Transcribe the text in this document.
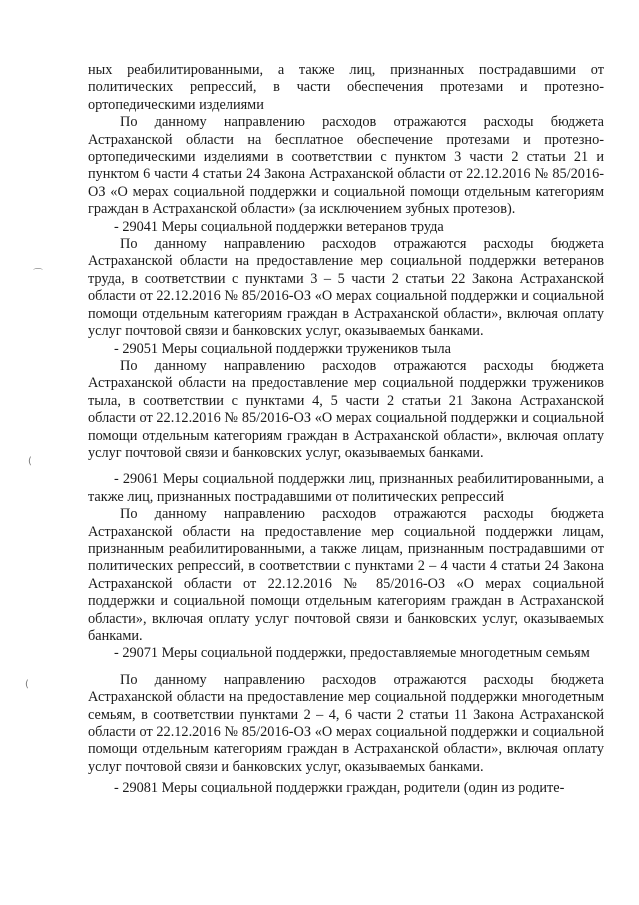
ных реабилитированными, а также лиц, признанных пострадавшими от политических репрессий, в части обеспечения протезами и протезно-ортопедическими изделиями

По данному направлению расходов отражаются расходы бюджета Астраханской области на бесплатное обеспечение протезами и протезно-ортопедическими изделиями в соответствии с пунктом 3 части 2 статьи 21 и пунктом 6 части 4 статьи 24 Закона Астраханской области от 22.12.2016 № 85/2016-ОЗ «О мерах социальной поддержки и социальной помощи отдельным категориям граждан в Астраханской области» (за исключением зубных протезов).

- 29041 Меры социальной поддержки ветеранов труда

По данному направлению расходов отражаются расходы бюджета Астраханской области на предоставление мер социальной поддержки ветеранов труда, в соответствии с пунктами 3 – 5 части 2 статьи 22 Закона Астраханской области от 22.12.2016 № 85/2016-ОЗ «О мерах социальной поддержки и социальной помощи отдельным категориям граждан в Астраханской области», включая оплату услуг почтовой связи и банковских услуг, оказываемых банками.

- 29051 Меры социальной поддержки тружеников тыла

По данному направлению расходов отражаются расходы бюджета Астраханской области на предоставление мер социальной поддержки тружеников тыла, в соответствии с пунктами 4, 5 части 2 статьи 21 Закона Астраханской области от 22.12.2016 № 85/2016-ОЗ «О мерах социальной поддержки и социальной помощи отдельным категориям граждан в Астраханской области», включая оплату услуг почтовой связи и банковских услуг, оказываемых банками.

- 29061 Меры социальной поддержки лиц, признанных реабилитированными, а также лиц, признанных пострадавшими от политических репрессий

По данному направлению расходов отражаются расходы бюджета Астраханской области на предоставление мер социальной поддержки лицам, признанным реабилитированными, а также лицам, признанным пострадавшими от политических репрессий, в соответствии с пунктами 2 – 4 части 4 статьи 24 Закона Астраханской области от 22.12.2016 № 85/2016-ОЗ «О мерах социальной поддержки и социальной помощи отдельным категориям граждан в Астраханской области», включая оплату услуг почтовой связи и банковских услуг, оказываемых банками.

- 29071 Меры социальной поддержки, предоставляемые многодетным семьям

По данному направлению расходов отражаются расходы бюджета Астраханской области на предоставление мер социальной поддержки многодетным семьям, в соответствии пунктами 2 – 4, 6 части 2 статьи 11 Закона Астраханской области от 22.12.2016 № 85/2016-ОЗ «О мерах социальной поддержки и социальной помощи отдельным категориям граждан в Астраханской области», включая оплату услуг почтовой связи и банковских услуг, оказываемых банками.

- 29081 Меры социальной поддержки граждан, родители (один из родите-

⌒
(
(
